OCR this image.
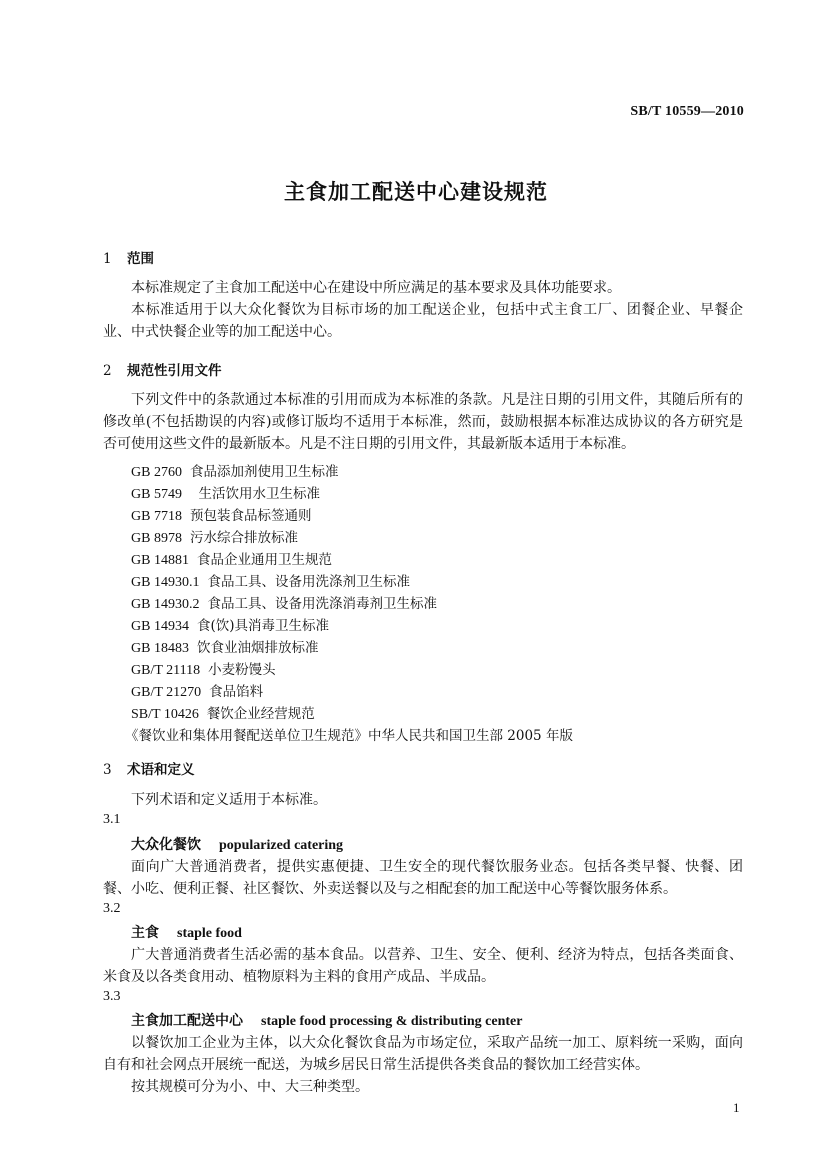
SB/T 10559—2010
主食加工配送中心建设规范
1 范围
本标准规定了主食加工配送中心在建设中所应满足的基本要求及具体功能要求。
本标准适用于以大众化餐饮为目标市场的加工配送企业，包括中式主食工厂、团餐企业、早餐企业、中式快餐企业等的加工配送中心。
2 规范性引用文件
下列文件中的条款通过本标准的引用而成为本标准的条款。凡是注日期的引用文件，其随后所有的修改单(不包括勘误的内容)或修订版均不适用于本标准，然而，鼓励根据本标准达成协议的各方研究是否可使用这些文件的最新版本。凡是不注日期的引用文件，其最新版本适用于本标准。
GB 2760 食品添加剂使用卫生标准
GB 5749  生活饮用水卫生标准
GB 7718 预包装食品标签通则
GB 8978 污水综合排放标准
GB 14881 食品企业通用卫生规范
GB 14930.1 食品工具、设备用洗涤剂卫生标准
GB 14930.2 食品工具、设备用洗涤消毒剂卫生标准
GB 14934 食(饮)具消毒卫生标准
GB 18483 饮食业油烟排放标准
GB/T 21118 小麦粉馒头
GB/T 21270 食品馅料
SB/T 10426 餐饮企业经营规范
《餐饮业和集体用餐配送单位卫生规范》中华人民共和国卫生部 2005 年版
3 术语和定义
下列术语和定义适用于本标准。
3.1
大众化餐饮 popularized catering
面向广大普通消费者，提供实惠便捷、卫生安全的现代餐饮服务业态。包括各类早餐、快餐、团餐、小吃、便利正餐、社区餐饮、外卖送餐以及与之相配套的加工配送中心等餐饮服务体系。
3.2
主食 staple food
广大普通消费者生活必需的基本食品。以营养、卫生、安全、便利、经济为特点，包括各类面食、米食及以各类食用动、植物原料为主料的食用产成品、半成品。
3.3
主食加工配送中心 staple food processing & distributing center
以餐饮加工企业为主体，以大众化餐饮食品为市场定位，采取产品统一加工、原料统一采购，面向自有和社会网点开展统一配送，为城乡居民日常生活提供各类食品的餐饮加工经营实体。
按其规模可分为小、中、大三种类型。
1
